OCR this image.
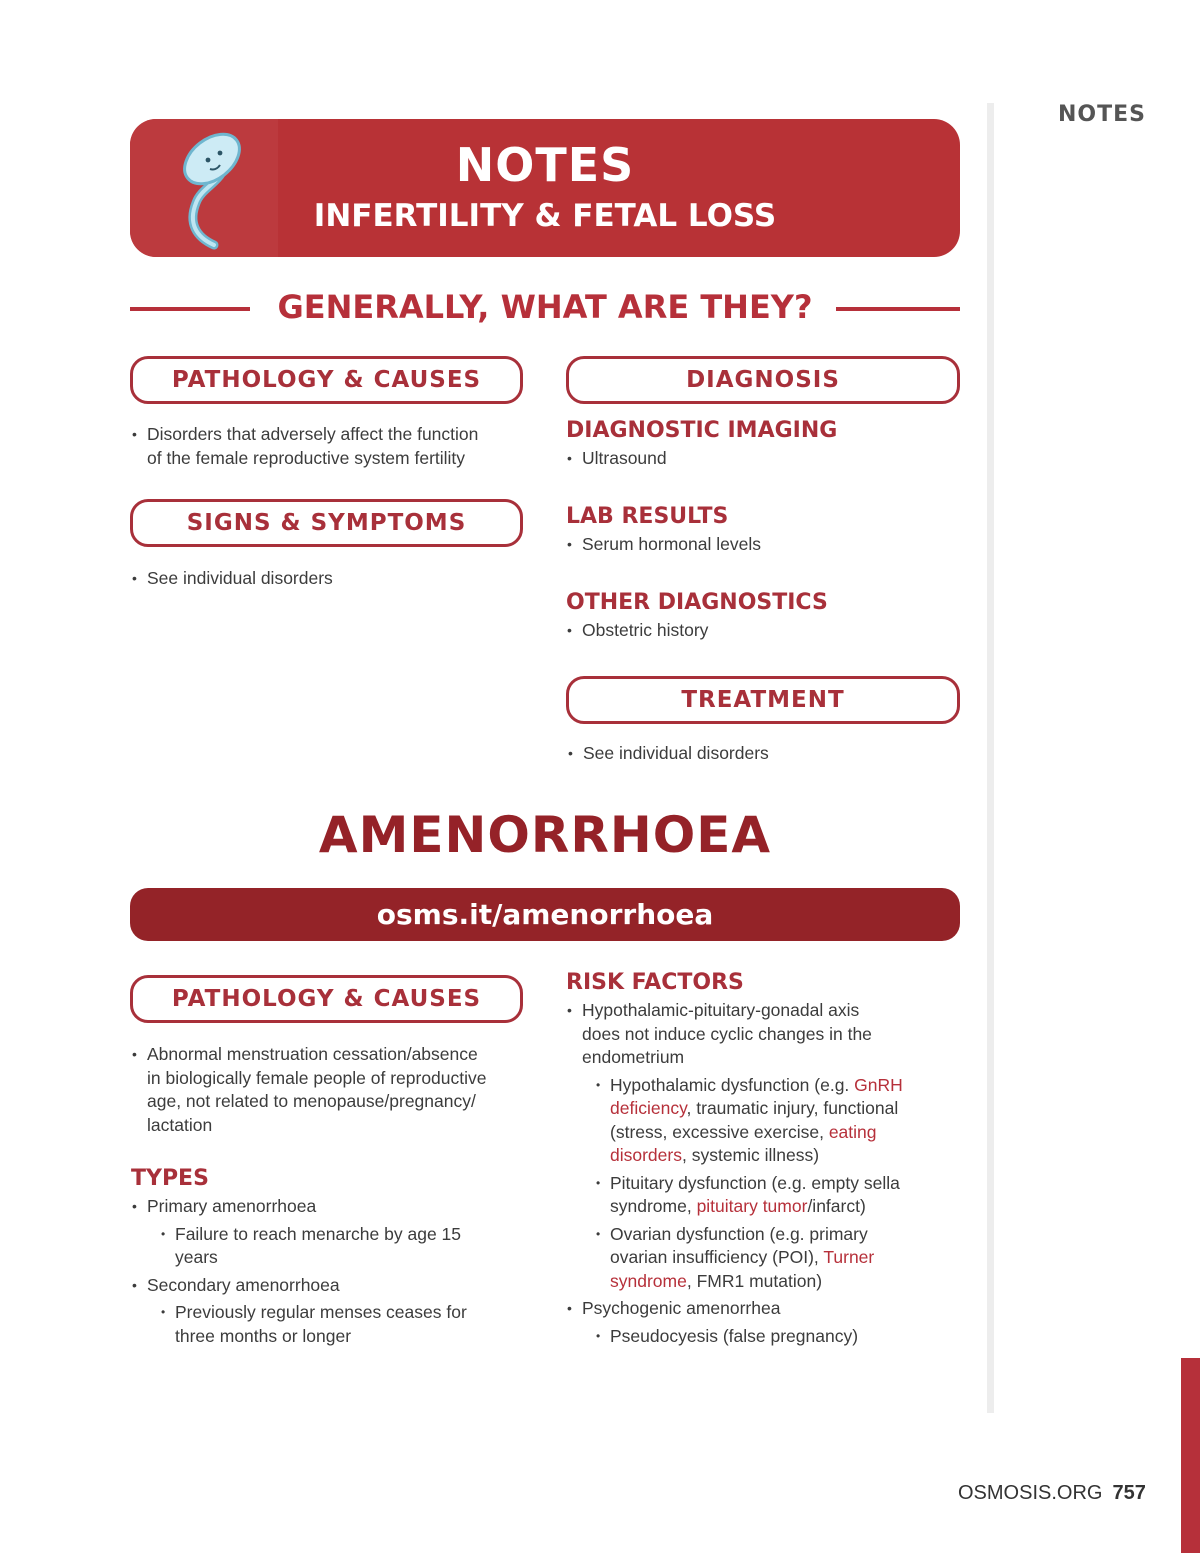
NOTES
INFERTILITY & FETAL LOSS
GENERALLY, WHAT ARE THEY?
PATHOLOGY & CAUSES

• Disorders that adversely affect the function
of the female reproductive system fertility

SIGNS & SYMPTOMS

• See individual disorders

DIAGNOSIS

DIAGNOSTIC IMAGING

• Ultrasound

LAB RESULTS

• Serum hormonal levels

OTHER DIAGNOSTICS

• Obstetric history

TREATMENT

• See individual disorders

AMENORRHOEA
osms.it/amenorrhoea
PATHOLOGY & CAUSES

• Abnormal menstruation cessation/absence
in biologically female people of reproductive
age, not related to menopause/pregnancy/
lactation

TYPES

• Primary amenorrhoea

• Failure to reach menarche by age 15
years

• Secondary amenorrhoea

• Previously regular menses ceases for
three months or longer

RISK FACTORS

• Hypothalamic-pituitary-gonadal axis
does not induce cyclic changes in the
endometrium

• Hypothalamic dysfunction (e.g. GnRH
deficiency, traumatic injury, functional
(stress, excessive exercise, eating
disorders, systemic illness)

• Pituitary dysfunction (e.g. empty sella
syndrome, pituitary tumor/infarct)

• Ovarian dysfunction (e.g. primary
ovarian insufficiency (POI), Turner
syndrome, FMR1 mutation)

• Psychogenic amenorrhea

• Pseudocyesis (false pregnancy)

NOTES
OSMOSIS.ORG 757
